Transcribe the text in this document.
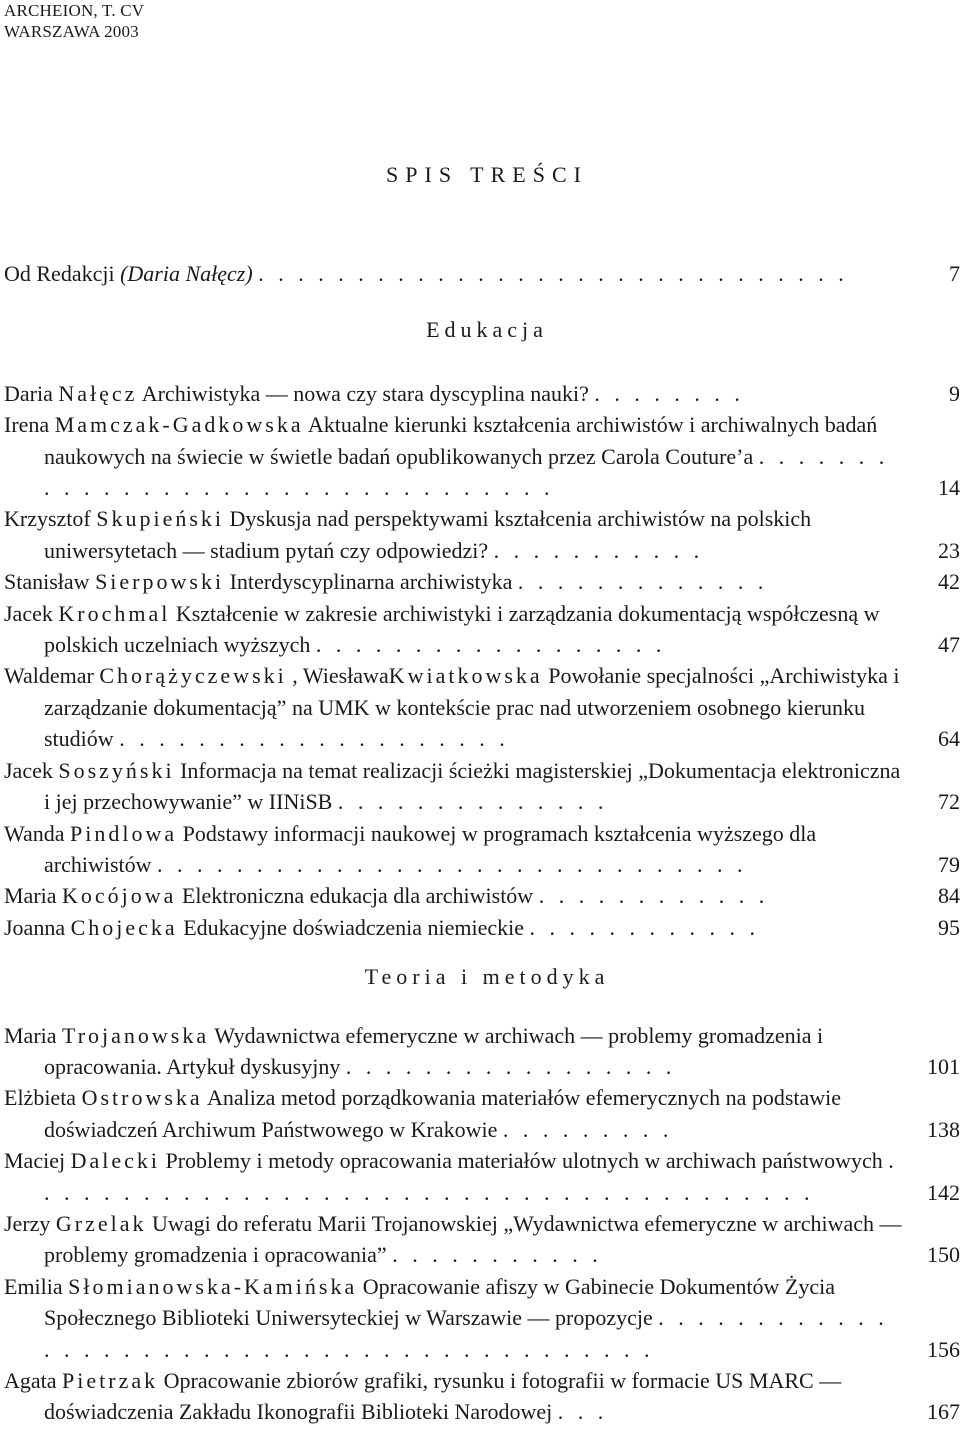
ARCHEION, T. CV
WARSZAWA 2003
SPIS TREŚCI

Od Redakcji (Daria Nałęcz) . . . . . . . . . . . . . . . . . . . . . . . . . . . . . .	7

Edukacja

Daria Nałęcz Archiwistyka — nowa czy stara dyscyplina nauki? . . . . . . . .	9

Irena Mamczak-Gadkowska Aktualne kierunki kształcenia archiwistów i archiwalnych badań naukowych na świecie w świetle badań opublikowanych przez Carola Couture’a . . . . . . . . . . . . . . . . . . . . . . . . . . . . . . . . .	14

Krzysztof Skupieński Dyskusja nad perspektywami kształcenia archiwistów na polskich uniwersytetach — stadium pytań czy odpowiedzi? . . . . . . . . . . .	23

Stanisław Sierpowski Interdyscyplinarna archiwistyka . . . . . . . . . . . . .	42

Jacek Krochmal Kształcenie w zakresie archiwistyki i zarządzania dokumentacją współczesną w polskich uczelniach wyższych . . . . . . . . . . . . . . . . . .	47

Waldemar Chorążyczewski , WiesławaKwiatkowska Powołanie specjalności „Archiwistyka i zarządzanie dokumentacją” na UMK w kontekście prac nad utworzeniem osobnego kierunku studiów . . . . . . . . . . . . . . . . . . . .	64

Jacek Soszyński Informacja na temat realizacji ścieżki magisterskiej „Dokumentacja elektroniczna i jej przechowywanie” w IINiSB . . . . . . . . . . . . . .	72

Wanda Pindlowa Podstawy informacji naukowej w programach kształcenia wyższego dla archiwistów . . . . . . . . . . . . . . . . . . . . . . . . . . . . . .	79

Maria Kocójowa Elektroniczna edukacja dla archiwistów . . . . . . . . . . . .	84

Joanna Chojecka Edukacyjne doświadczenia niemieckie . . . . . . . . . . . .	95

Teoria i metodyka

Maria Trojanowska Wydawnictwa efemeryczne w archiwach — problemy gromadzenia i opracowania. Artykuł dyskusyjny . . . . . . . . . . . . . . . . .	101

Elżbieta Ostrowska Analiza metod porządkowania materiałów efemerycznych na podstawie doświadczeń Archiwum Państwowego w Krakowie . . . . . . . . .	138

Maciej Dalecki Problemy i metody opracowania materiałów ulotnych w archiwach państwowych . . . . . . . . . . . . . . . . . . . . . . . . . . . . . . . . . . . . . . . .	142

Jerzy Grzelak Uwagi do referatu Marii Trojanowskiej „Wydawnictwa efemeryczne w archiwach — problemy gromadzenia i opracowania” . . . . . . . . . . .	150

Emilia Słomianowska-Kamińska Opracowanie afiszy w Gabinecie Dokumentów Życia Społecznego Biblioteki Uniwersyteckiej w Warszawie — propozycje . . . . . . . . . . . . . . . . . . . . . . . . . . . . . . . . . . . . . . . . . . .	156

Agata Pietrzak Opracowanie zbiorów grafiki, rysunku i fotografii w formacie US MARC — doświadczenia Zakładu Ikonografii Biblioteki Narodowej . . .	167
